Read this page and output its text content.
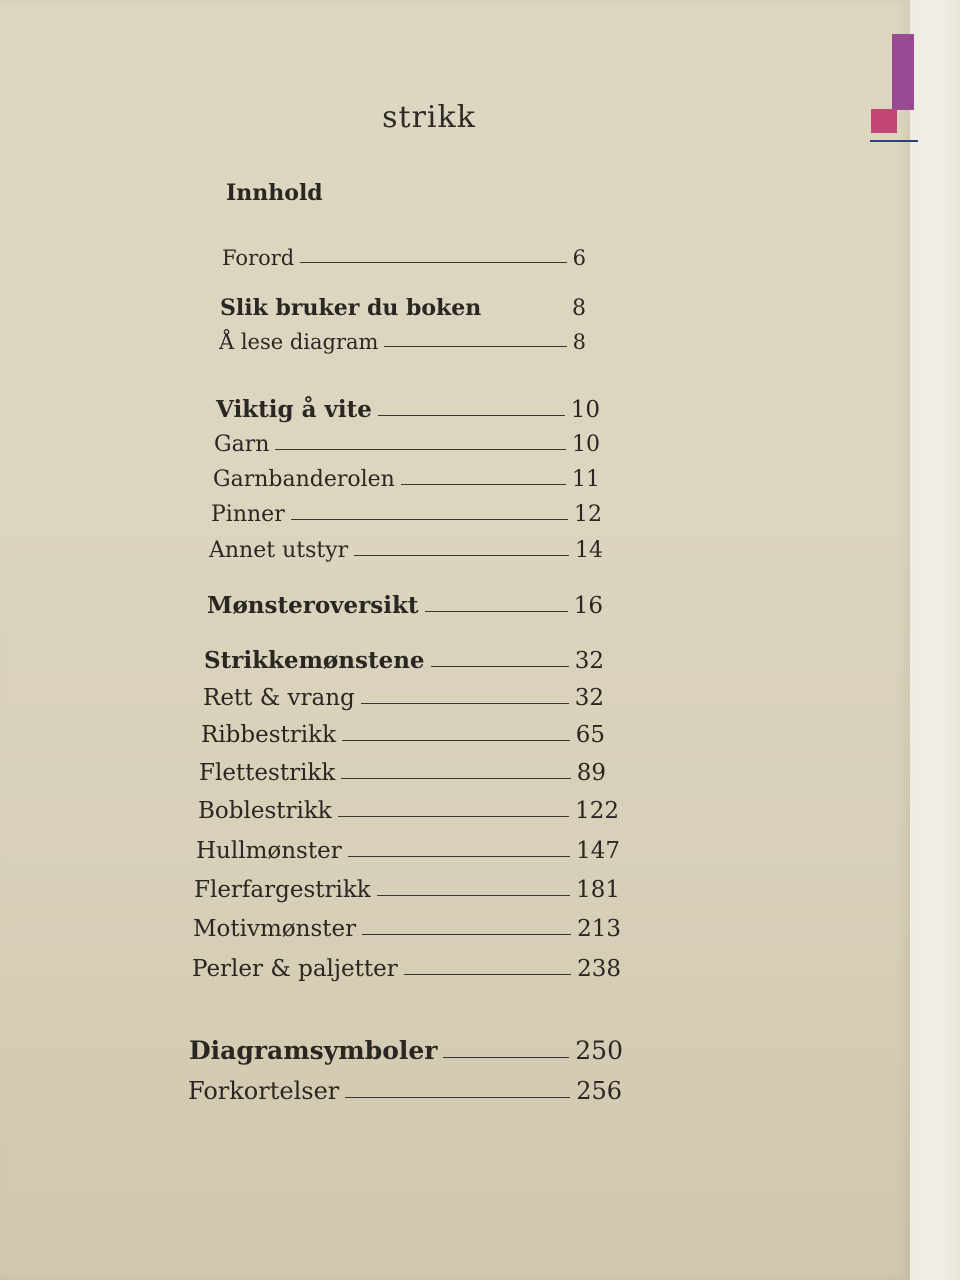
strikk
Innhold
Forord	6
Slik bruker du boken	8
Å lese diagram	8
Viktig å vite	10
Garn	10
Garnbanderolen	11
Pinner	12
Annet utstyr	14
Mønsteroversikt	16
Strikkemønstene	32
Rett & vrang	32
Ribbestrikk	65
Flettestrikk	89
Boblestrikk	122
Hullmønster	147
Flerfargestrikk	181
Motivmønster	213
Perler & paljetter	238
Diagramsymboler	250
Forkortelser	256
